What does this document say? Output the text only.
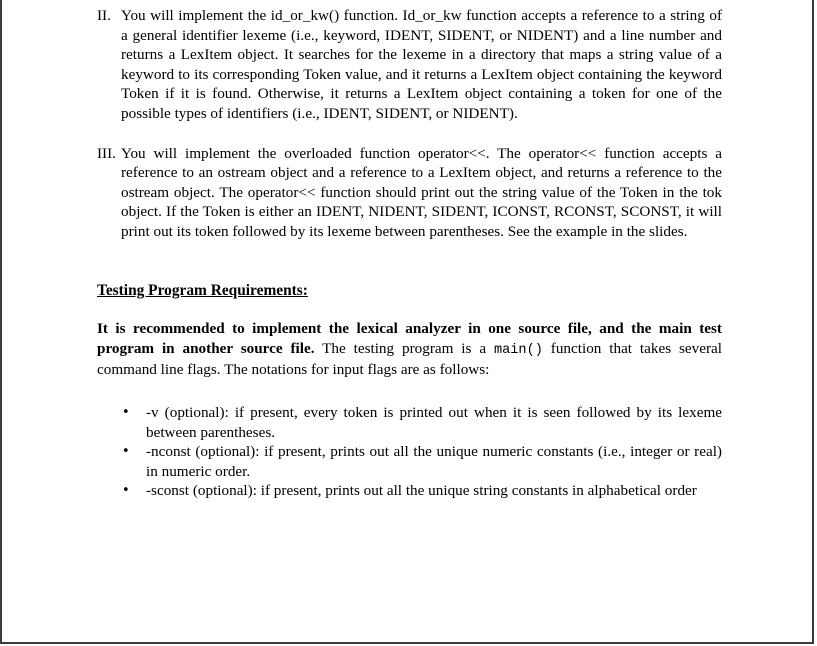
II. You will implement the id_or_kw() function. Id_or_kw function accepts a reference to a string of a general identifier lexeme (i.e., keyword, IDENT, SIDENT, or NIDENT) and a line number and returns a LexItem object. It searches for the lexeme in a directory that maps a string value of a keyword to its corresponding Token value, and it returns a LexItem object containing the keyword Token if it is found. Otherwise, it returns a LexItem object containing a token for one of the possible types of identifiers (i.e., IDENT, SIDENT, or NIDENT).
III. You will implement the overloaded function operator<<. The operator<< function accepts a reference to an ostream object and a reference to a LexItem object, and returns a reference to the ostream object. The operator<< function should print out the string value of the Token in the tok object. If the Token is either an IDENT, NIDENT, SIDENT, ICONST, RCONST, SCONST, it will print out its token followed by its lexeme between parentheses. See the example in the slides.
Testing Program Requirements:
It is recommended to implement the lexical analyzer in one source file, and the main test program in another source file. The testing program is a main() function that takes several command line flags. The notations for input flags are as follows:
• -v (optional): if present, every token is printed out when it is seen followed by its lexeme between parentheses.
• -nconst (optional): if present, prints out all the unique numeric constants (i.e., integer or real) in numeric order.
• -sconst (optional): if present, prints out all the unique string constants in alphabetical order
